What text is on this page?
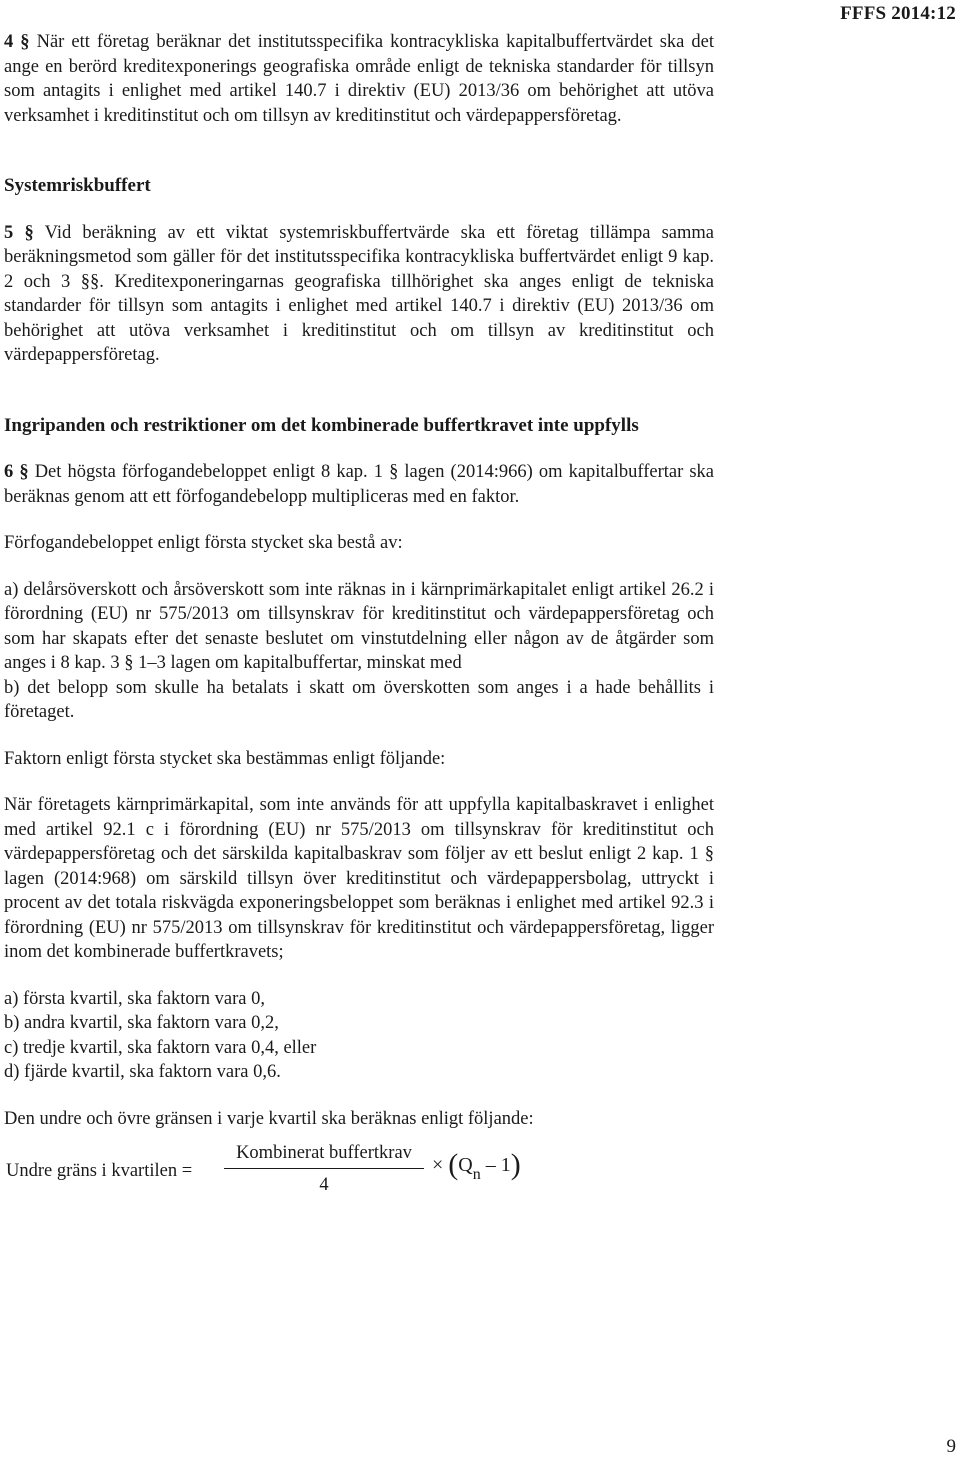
FFFS 2014:12

4 § När ett företag beräknar det institutsspecifika kontracykliska kapitalbuffertvärdet ska det ange en berörd kreditexponerings geografiska område enligt de tekniska standarder för tillsyn som antagits i enlighet med artikel 140.7 i direktiv (EU) 2013/36 om behörighet att utöva verksamhet i kreditinstitut och om tillsyn av kreditinstitut och värdepappersföretag.

Systemriskbuffert

5 § Vid beräkning av ett viktat systemriskbuffertvärde ska ett företag tillämpa samma beräkningsmetod som gäller för det institutsspecifika kontracykliska buffertvärdet enligt 9 kap. 2 och 3 §§. Kreditexponeringarnas geografiska tillhörighet ska anges enligt de tekniska standarder för tillsyn som antagits i enlighet med artikel 140.7 i direktiv (EU) 2013/36 om behörighet att utöva verksamhet i kreditinstitut och om tillsyn av kreditinstitut och värdepappersföretag.

Ingripanden och restriktioner om det kombinerade buffertkravet inte uppfylls

6 § Det högsta förfogandebeloppet enligt 8 kap. 1 § lagen (2014:966) om kapitalbuffertar ska beräknas genom att ett förfogandebelopp multipliceras med en faktor.

Förfogandebeloppet enligt första stycket ska bestå av:

a) delårsöverskott och årsöverskott som inte räknas in i kärnprimärkapitalet enligt artikel 26.2 i förordning (EU) nr 575/2013 om tillsynskrav för kreditinstitut och värdepappersföretag och som har skapats efter det senaste beslutet om vinstutdelning eller någon av de åtgärder som anges i 8 kap. 3 § 1–3 lagen om kapitalbuffertar, minskat med

b) det belopp som skulle ha betalats i skatt om överskotten som anges i a hade behållits i företaget.

Faktorn enligt första stycket ska bestämmas enligt följande:

När företagets kärnprimärkapital, som inte används för att uppfylla kapitalbaskravet i enlighet med artikel 92.1 c i förordning (EU) nr 575/2013 om tillsynskrav för kreditinstitut och värdepappersföretag och det särskilda kapitalbaskrav som följer av ett beslut enligt 2 kap. 1 § lagen (2014:968) om särskild tillsyn över kreditinstitut och värdepappersbolag, uttryckt i procent av det totala riskvägda exponeringsbeloppet som beräknas i enlighet med artikel 92.3 i förordning (EU) nr 575/2013 om tillsynskrav för kreditinstitut och värdepappersföretag, ligger inom det kombinerade buffertkravets;

a) första kvartil, ska faktorn vara 0,

b) andra kvartil, ska faktorn vara 0,2,

c) tredje kvartil, ska faktorn vara 0,4, eller

d) fjärde kvartil, ska faktorn vara 0,6.

Den undre och övre gränsen i varje kvartil ska beräknas enligt följande:

Undre gräns i kvartilen =
Kombinerat buffertkrav
4
× $(Q_n - 1)$
9
